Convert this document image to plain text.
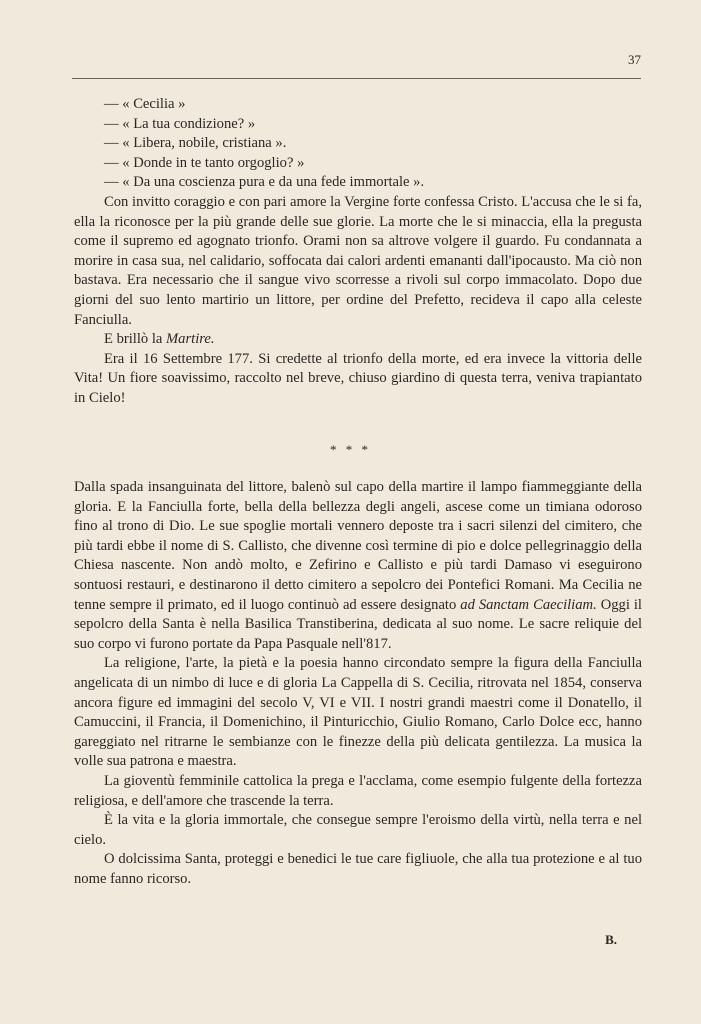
37

— « Cecilia »

— « La tua condizione? »

— « Libera, nobile, cristiana ».

— « Donde in te tanto orgoglio? »

— « Da una coscienza pura e da una fede immortale ».

Con invitto coraggio e con pari amore la Vergine forte confessa Cristo. L'accusa che le si fa, ella la riconosce per la più grande delle sue glorie. La morte che le si minaccia, ella la pregusta come il supremo ed agognato trionfo. Orami non sa altrove volgere il guardo. Fu condannata a morire in casa sua, nel calidario, soffocata dai calori ardenti emananti dall'ipocausto. Ma ciò non bastava. Era necessario che il sangue vivo scorresse a rivoli sul corpo immacolato. Dopo due giorni del suo lento martirio un littore, per ordine del Prefetto, recideva il capo alla celeste Fanciulla.

E brillò la Martire.

Era il 16 Settembre 177. Si credette al trionfo della morte, ed era invece la vittoria delle Vita! Un fiore soavissimo, raccolto nel breve, chiuso giardino di questa terra, veniva trapiantato in Cielo!

* * *

Dalla spada insanguinata del littore, balenò sul capo della martire il lampo fiammeggiante della gloria. E la Fanciulla forte, bella della bellezza degli angeli, ascese come un timiana odoroso fino al trono di Dio. Le sue spoglie mortali vennero deposte tra i sacri silenzi del cimitero, che più tardi ebbe il nome di S. Callisto, che divenne così termine di pio e dolce pellegrinaggio della Chiesa nascente. Non andò molto, e Zefirino e Callisto e più tardi Damaso vi eseguirono sontuosi restauri, e destinarono il detto cimitero a sepolcro dei Pontefici Romani. Ma Cecilia ne tenne sempre il primato, ed il luogo continuò ad essere designato ad Sanctam Caeciliam. Oggi il sepolcro della Santa è nella Basilica Transtiberina, dedicata al suo nome. Le sacre reliquie del suo corpo vi furono portate da Papa Pasquale nell'817.

La religione, l'arte, la pietà e la poesia hanno circondato sempre la figura della Fanciulla angelicata di un nimbo di luce e di gloria La Cappella di S. Cecilia, ritrovata nel 1854, conserva ancora figure ed immagini del secolo V, VI e VII. I nostri grandi maestri come il Donatello, il Camuccini, il Francia, il Domenichino, il Pinturicchio, Giulio Romano, Carlo Dolce ecc, hanno gareggiato nel ritrarne le sembianze con le finezze della più delicata gentilezza. La musica la volle sua patrona e maestra.

La gioventù femminile cattolica la prega e l'acclama, come esempio fulgente della fortezza religiosa, e dell'amore che trascende la terra.

È la vita e la gloria immortale, che consegue sempre l'eroismo della virtù, nella terra e nel cielo.

O dolcissima Santa, proteggi e benedici le tue care figliuole, che alla tua protezione e al tuo nome fanno ricorso.

B.
